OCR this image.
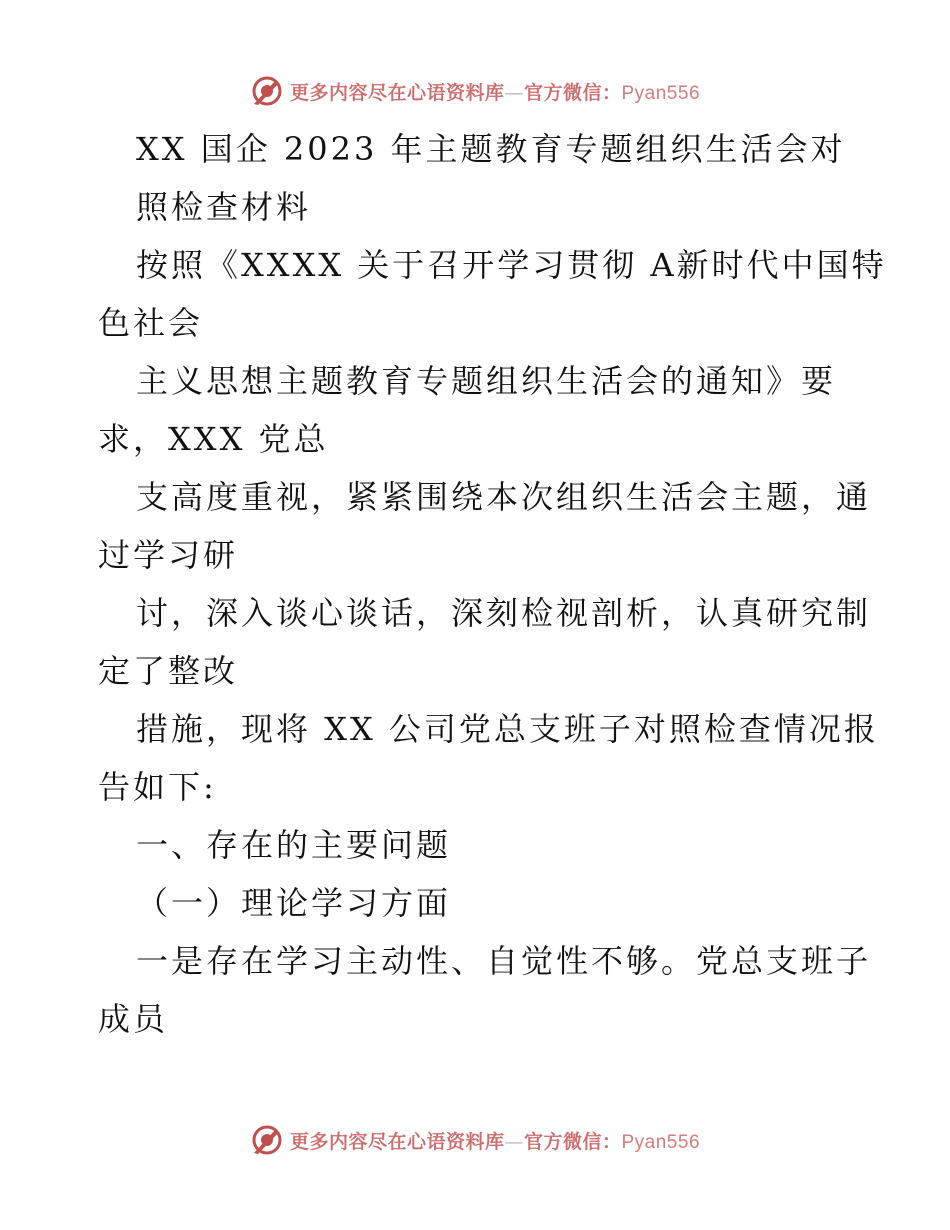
更多内容尽在心语资料库—官方微信：Pyan556
XX 国企 2023 年主题教育专题组织生活会对
照检查材料
按照《XXXX 关于召开学习贯彻 A新时代中国特
色社会
主义思想主题教育专题组织生活会的通知》要
求，XXX 党总
支高度重视，紧紧围绕本次组织生活会主题，通
过学习研
讨，深入谈心谈话，深刻检视剖析，认真研究制
定了整改
措施，现将 XX 公司党总支班子对照检查情况报
告如下:
一、存在的主要问题
（一）理论学习方面
一是存在学习主动性、自觉性不够。党总支班子
成员
更多内容尽在心语资料库—官方微信：Pyan556
